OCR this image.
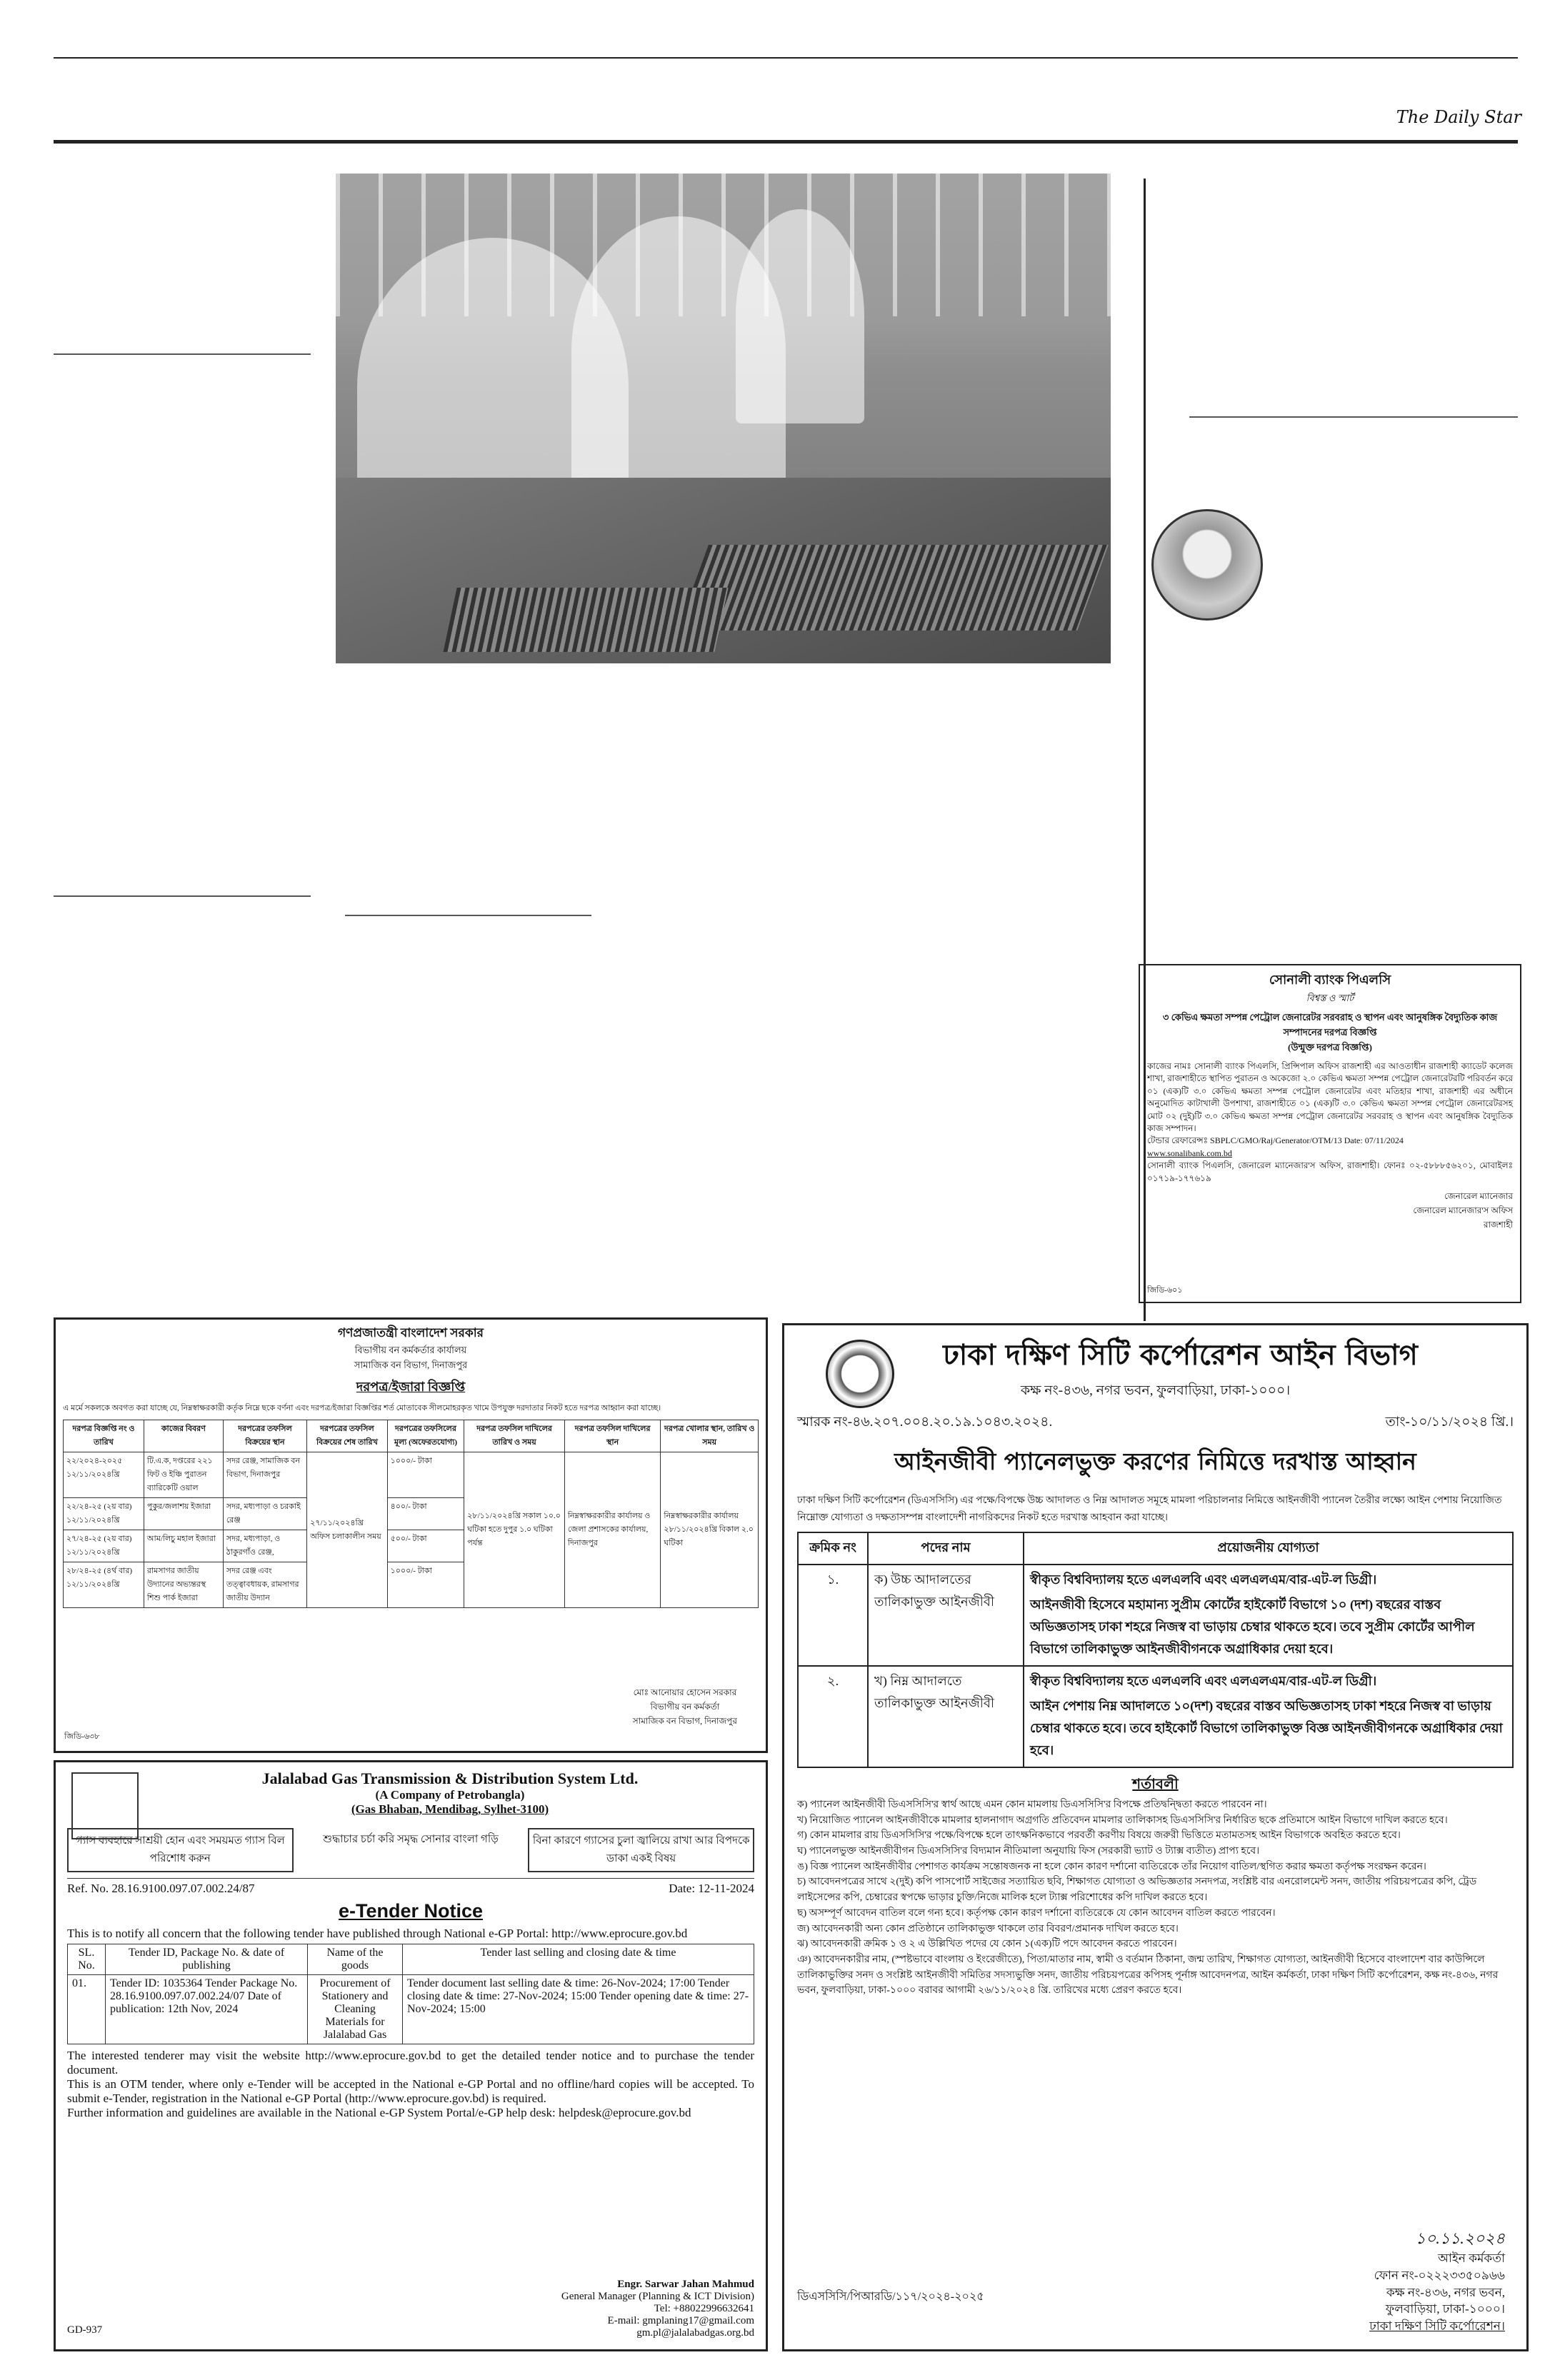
The Daily Star
সোনালী ব্যাংক পিএলসি
বিশ্বস্ত ও স্মার্ট
৩ কেভিএ ক্ষমতা সম্পন্ন পেট্রোল জেনারেটর সরবরাহ ও স্থাপন এবং আনুষঙ্গিক বৈদ্যুতিক কাজ সম্পাদনের দরপত্র বিজ্ঞপ্তি
(উন্মুক্ত দরপত্র বিজ্ঞপ্তি)
কাজের নামঃ সোনালী ব্যাংক পিএলসি, প্রিন্সিপাল অফিস রাজশাহী এর আওতাধীন রাজশাহী ক্যাডেট কলেজ শাখা, রাজশাহীতে স্থাপিত পুরাতন ও অকেজো ২.০ কেভিএ ক্ষমতা সম্পন্ন পেট্রোল জেনারেটরটি পরিবর্তন করে ০১ (এক)টি ৩.০ কেভিএ ক্ষমতা সম্পন্ন পেট্রোল জেনারেটর এবং মতিহার শাখা, রাজশাহী এর অধীনে অনুমোদিত কাটাখালী উপশাখা, রাজশাহীতে ০১ (এক)টি ৩.০ কেভিএ ক্ষমতা সম্পন্ন পেট্রোল জেনারেটরসহ মোট ০২ (দুই)টি ৩.০ কেভিএ ক্ষমতা সম্পন্ন পেট্রোল জেনারেটর সরবরাহ ও স্থাপন এবং আনুষঙ্গিক বৈদ্যুতিক কাজ সম্পাদন।
টেন্ডার রেফারেন্সঃ SBPLC/GMO/Raj/Generator/OTM/13 Date: 07/11/2024
www.sonalibank.com.bd
সোনালী ব্যাংক পিএলসি, জেনারেল ম্যানেজার'স অফিস, রাজশাহী। ফোনঃ ০২-৫৮৮৮৫৬২০১, মোবাইলঃ ০১৭১৯-১৭৭৬১৯
জেনারেল ম্যানেজার
জেনারেল ম্যানেজার'স অফিস
রাজশাহী
জিডি-৬০১
গণপ্রজাতন্ত্রী বাংলাদেশ সরকার
বিভাগীয় বন কর্মকর্তার কার্যালয়
সামাজিক বন বিভাগ, দিনাজপুর
দরপত্র/ইজারা বিজ্ঞপ্তি
এ মর্মে সকলকে অবগত করা যাচ্ছে যে, নিম্নস্বাক্ষরকারী কর্তৃক নিম্নে ছকে বর্ণনা এবং দরপত্র/ইজারা বিজ্ঞপ্তির শর্ত মোতাবেক সীলমোহরকৃত খামে উপযুক্ত দরদাতার নিকট হতে দরপত্র আহ্বান করা যাচ্ছে।
দরপত্র বিজ্ঞপ্তি নং ও তারিখ	কাজের বিবরণ	দরপত্রের তফসিল বিক্রয়ের স্থান	দরপত্রের তফসিল বিক্রয়ের শেষ তারিখ	দরপত্রের তফসিলের মূল্য (অফেরতযোগ্য)	দরপত্র তফসিল দাখিলের তারিখ ও সময়	দরপত্র তফসিল দাখিলের স্থান	দরপত্র খোলার স্থান, তারিখ ও সময়
২২/২০২৪-২০২৫ ১২/১১/২০২৪খ্রি	টি.এ.ক, দপ্তরের ২২১ ফিট ও ইঞ্চি পুরাতন ব্যারিকেটি ওয়াল	সদর রেঞ্জ, সামাজিক বন বিভাগ, দিনাজপুর	২৭/১১/২০২৪খ্রি অফিস চলাকালীন সময়	১০০০/- টাকা	২৮/১১/২০২৪খ্রি সকাল ১০.০ ঘটিকা হতে দুপুর ১.০ ঘটিকা পর্যন্ত	নিম্নস্বাক্ষরকারীর কার্যালয় ও জেলা প্রশাসকের কার্যালয়, দিনাজপুর	নিম্নস্বাক্ষরকারীর কার্যালয় ২৮/১১/২০২৪খ্রি বিকাল ২.০ ঘটিকা
২২/২৪-২৫ (২য় বার) ১২/১১/২০২৪খ্রি	পুকুর/জলাশয় ইজারা	সদর, মধ্যপাড়া ও চরকাই রেঞ্জ		৪০০/- টাকা			
২৭/২৪-২৫ (২য় বার) ১২/১১/২০২৪খ্রি	আম/লিচু মহাল ইজারা	সদর, মধ্যপাড়া, ও ঠাকুরগাঁও রেঞ্জ,		৫০০/- টাকা			
২৮/২৪-২৫ (৪র্থ বার) ১২/১১/২০২৪খ্রি	রামসাগর জাতীয় উদ্যানের অভ্যন্তরস্থ শিশু পার্ক ইজারা	সদর রেঞ্জ এবং তত্ত্বাবধায়ক, রামসাগর জাতীয় উদ্যান		১০০০/- টাকা			
মোঃ আনোয়ার হোসেন সরকার
বিভাগীয় বন কর্মকর্তা
সামাজিক বন বিভাগ, দিনাজপুর
জিডি-৬৩৮
Jalalabad Gas Transmission & Distribution System Ltd.
(A Company of Petrobangla)
(Gas Bhaban, Mendibag, Sylhet-3100)
গ্যাস ব্যবহারে সাশ্রয়ী হোন এবং সময়মত গ্যাস বিল পরিশোধ করুন
শুদ্ধাচার চর্চা করি সমৃদ্ধ সোনার বাংলা গড়ি	বিনা কারণে গ্যাসের চুলা জ্বালিয়ে রাখা আর বিপদকে ডাকা একই বিষয়
Ref. No. 28.16.9100.097.07.002.24/87	Date: 12-11-2024
e-Tender Notice
This is to notify all concern that the following tender have published through National e-GP Portal: http://www.eprocure.gov.bd
SL. No.	Tender ID, Package No. & date of publishing	Name of the goods	Tender last selling and closing date & time
01.	Tender ID: 1035364 Tender Package No. 28.16.9100.097.07.002.24/07 Date of publication: 12th Nov, 2024	Procurement of Stationery and Cleaning Materials for Jalalabad Gas	Tender document last selling date & time: 26-Nov-2024; 17:00 Tender closing date & time: 27-Nov-2024; 15:00 Tender opening date & time: 27-Nov-2024; 15:00
The interested tenderer may visit the website http://www.eprocure.gov.bd to get the detailed tender notice and to purchase the tender document.
This is an OTM tender, where only e-Tender will be accepted in the National e-GP Portal and no offline/hard copies will be accepted. To submit e-Tender, registration in the National e-GP Portal (http://www.eprocure.gov.bd) is required.
Further information and guidelines are available in the National e-GP System Portal/e-GP help desk: helpdesk@eprocure.gov.bd
Engr. Sarwar Jahan Mahmud
General Manager (Planning & ICT Division)
Tel: +88022996632641
E-mail: gmplaning17@gmail.com
gm.pl@jalalabadgas.org.bd
GD-937
ঢাকা দক্ষিণ সিটি কর্পোরেশন আইন বিভাগ
কক্ষ নং-৪৩৬, নগর ভবন, ফুলবাড়িয়া, ঢাকা-১০০০।
স্মারক নং-৪৬.২০৭.০০৪.২০.১৯.১০৪৩.২০২৪.	তাং-১০/১১/২০২৪ খ্রি.।
আইনজীবী প্যানেলভুক্ত করণের নিমিত্তে দরখাস্ত আহ্বান
ঢাকা দক্ষিণ সিটি কর্পোরেশন (ডিএসসিসি) এর পক্ষে/বিপক্ষে উচ্চ আদালত ও নিম্ন আদালত সমূহে মামলা পরিচালনার নিমিত্তে আইনজীবী প্যানেল তৈরীর লক্ষ্যে আইন পেশায় নিয়োজিত নিম্নোক্ত যোগ্যতা ও দক্ষতাসম্পন্ন বাংলাদেশী নাগরিকদের নিকট হতে দরখাস্ত আহবান করা যাচ্ছে।
ক্রমিক নং	পদের নাম	প্রয়োজনীয় যোগ্যতা
১.	ক) উচ্চ আদালতের তালিকাভুক্ত আইনজীবী	স্বীকৃত বিশ্ববিদ্যালয় হতে এলএলবি এবং এলএলএম/বার-এট-ল ডিগ্রী।
আইনজীবী হিসেবে মহামান্য সুপ্রীম কোর্টের হাইকোর্ট বিভাগে ১০ (দশ) বছরের বাস্তব অভিজ্ঞতাসহ ঢাকা শহরে নিজস্ব বা ভাড়ায় চেম্বার থাকতে হবে। তবে সুপ্রীম কোর্টের আপীল বিভাগে তালিকাভুক্ত আইনজীবীগনকে অগ্রাধিকার দেয়া হবে।

২.	খ) নিম্ন আদালতে তালিকাভুক্ত আইনজীবী	স্বীকৃত বিশ্ববিদ্যালয় হতে এলএলবি এবং এলএলএম/বার-এট-ল ডিগ্রী।
আইন পেশায় নিম্ন আদালতে ১০(দশ) বছরের বাস্তব অভিজ্ঞতাসহ ঢাকা শহরে নিজস্ব বা ভাড়ায় চেম্বার থাকতে হবে। তবে হাইকোর্ট বিভাগে তালিকাভুক্ত বিজ্ঞ আইনজীবীগনকে অগ্রাধিকার দেয়া হবে।
শর্তাবলী
ক) প্যানেল আইনজীবী ডিএসসিসি'র স্বার্থ আছে এমন কোন মামলায় ডিএসসিসি'র বিপক্ষে প্রতিদ্বন্দ্বিতা করতে পারবেন না।
খ) নিয়োজিত প্যানেল আইনজীবীকে মামলার হালনাগাদ অগ্রগতি প্রতিবেদন মামলার তালিকাসহ ডিএসসিসি'র নির্ধারিত ছকে প্রতিমাসে আইন বিভাগে দাখিল করতে হবে।
গ) কোন মামলার রায় ডিএসসিসি'র পক্ষে/বিপক্ষে হলে তাৎক্ষনিকভাবে পরবর্তী করণীয় বিষয়ে জরুরী ভিত্তিতে মতামতসহ আইন বিভাগকে অবহিত করতে হবে।
ঘ) প্যানেলভুক্ত আইনজীবীগন ডিএসসিসি'র বিদ্যমান নীতিমালা অনুযায়ি ফিস (সরকারী ভ্যাট ও ট্যাক্স ব্যতীত) প্রাপ্য হবে।
ঙ) বিজ্ঞ প্যানেল আইনজীবীর পেশাগত কার্যক্রম সন্তোষজনক না হলে কোন কারণ দর্শানো ব্যতিরেকে তাঁর নিয়োগ বাতিল/স্থগিত করার ক্ষমতা কর্তৃপক্ষ সংরক্ষন করেন।
চ) আবেদনপত্রের সাথে ২(দুই) কপি পাসপোর্ট সাইজের সত্যায়িত ছবি, শিক্ষাগত যোগ্যতা ও অভিজ্ঞতার সনদপত্র, সংশ্লিষ্ট বার এনরোলমেন্ট সনদ, জাতীয় পরিচয়পত্রের কপি, ট্রেড লাইসেন্সের কপি, চেম্বারের স্বপক্ষে ভাড়ার চুক্তি/নিজে মালিক হলে ট্যাক্স পরিশোধের কপি দাখিল করতে হবে।
ছ) অসম্পূর্ণ আবেদন বাতিল বলে গন্য হবে। কর্তৃপক্ষ কোন কারণ দর্শানো ব্যতিরেকে যে কোন আবেদন বাতিল করতে পারবেন।
জ) আবেদনকারী অন্য কোন প্রতিষ্ঠানে তালিকাভুক্ত থাকলে তার বিবরণ/প্রমানক দাখিল করতে হবে।
ঝ) আবেদনকারী ক্রমিক ১ ও ২ এ উল্লিখিত পদের যে কোন ১(এক)টি পদে আবেদন করতে পারবেন।
ঞ) আবেদনকারীর নাম, (স্পষ্টভাবে বাংলায় ও ইংরেজীতে), পিতা/মাতার নাম, স্বামী ও বর্তমান ঠিকানা, জন্ম তারিখ, শিক্ষাগত যোগ্যতা, আইনজীবী হিসেবে বাংলাদেশ বার কাউন্সিলে তালিকাভুক্তির সনদ ও সংশ্লিষ্ট আইনজীবী সমিতির সদস্যভুক্তি সনদ, জাতীয় পরিচয়পত্রের কপিসহ পূর্নাঙ্গ আবেদনপত্র, আইন কর্মকর্তা, ঢাকা দক্ষিণ সিটি কর্পোরেশন, কক্ষ নং-৪৩৬, নগর ভবন, ফুলবাড়িয়া, ঢাকা-১০০০ বরাবর আগামী ২৬/১১/২০২৪ খ্রি. তারিখের মধ্যে প্রেরণ করতে হবে।
১০.১১.২০২৪
আইন কর্মকর্তা
ফোন নং-০২২২৩৩৫০৯৬৬
কক্ষ নং-৪৩৬, নগর ভবন,
ফুলবাড়িয়া, ঢাকা-১০০০।
ঢাকা দক্ষিণ সিটি কর্পোরেশন।
ডিএসসিসি/পিআরডি/১১৭/২০২৪-২০২৫
